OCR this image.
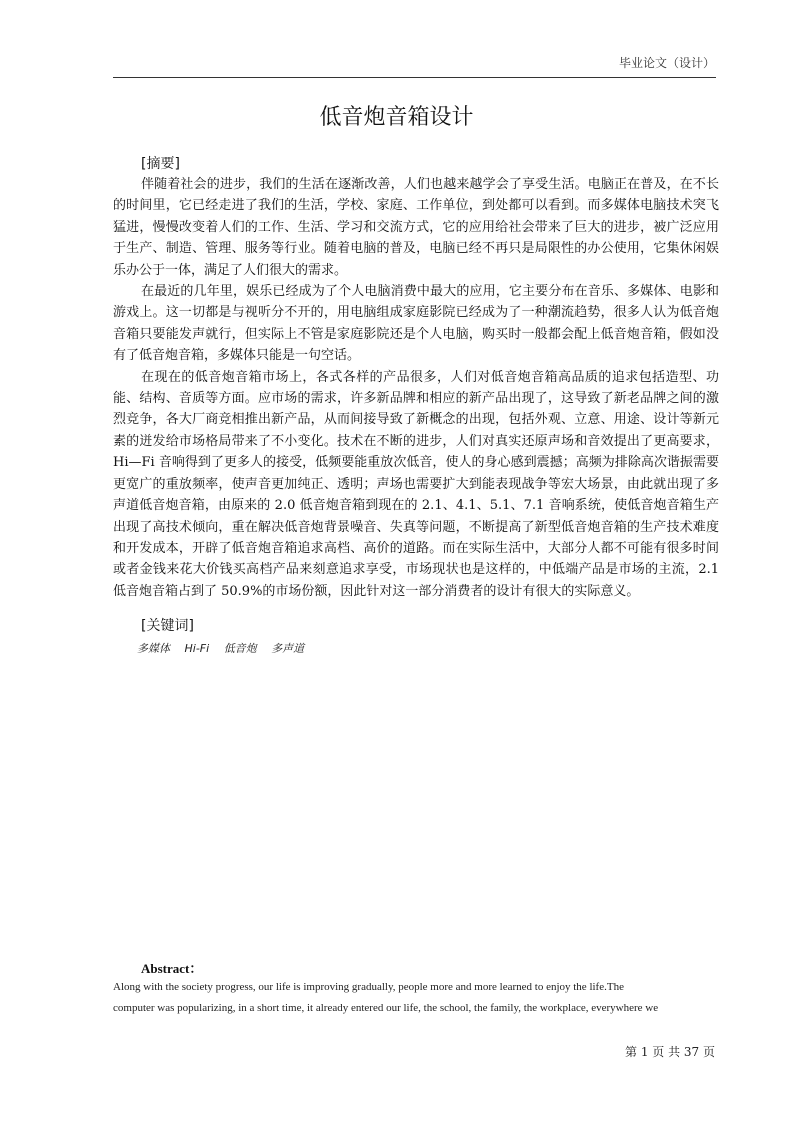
毕业论文（设计）
低音炮音箱设计
[摘要]

伴随着社会的进步，我们的生活在逐渐改善，人们也越来越学会了享受生活。电脑正在普及，在不长的时间里，它已经走进了我们的生活，学校、家庭、工作单位，到处都可以看到。而多媒体电脑技术突飞猛进，慢慢改变着人们的工作、生活、学习和交流方式，它的应用给社会带来了巨大的进步，被广泛应用于生产、制造、管理、服务等行业。随着电脑的普及，电脑已经不再只是局限性的办公使用，它集休闲娱乐办公于一体，满足了人们很大的需求。

在最近的几年里，娱乐已经成为了个人电脑消费中最大的应用，它主要分布在音乐、多媒体、电影和游戏上。这一切都是与视听分不开的，用电脑组成家庭影院已经成为了一种潮流趋势，很多人认为低音炮音箱只要能发声就行，但实际上不管是家庭影院还是个人电脑，购买时一般都会配上低音炮音箱，假如没有了低音炮音箱，多媒体只能是一句空话。

在现在的低音炮音箱市场上，各式各样的产品很多，人们对低音炮音箱高品质的追求包括造型、功能、结构、音质等方面。应市场的需求，许多新品牌和相应的新产品出现了，这导致了新老品牌之间的激烈竞争，各大厂商竞相推出新产品，从而间接导致了新概念的出现，包括外观、立意、用途、设计等新元素的迸发给市场格局带来了不小变化。技术在不断的进步，人们对真实还原声场和音效提出了更高要求，Hi—Fi 音响得到了更多人的接受，低频要能重放次低音，使人的身心感到震撼；高频为排除高次谐振需要更宽广的重放频率，使声音更加纯正、透明；声场也需要扩大到能表现战争等宏大场景，由此就出现了多声道低音炮音箱，由原来的 2.0 低音炮音箱到现在的 2.1、4.1、5.1、7.1 音响系统，使低音炮音箱生产出现了高技术倾向，重在解决低音炮背景噪音、失真等问题，不断提高了新型低音炮音箱的生产技术难度和开发成本，开辟了低音炮音箱追求高档、高价的道路。而在实际生活中，大部分人都不可能有很多时间或者金钱来花大价钱买高档产品来刻意追求享受，市场现状也是这样的，中低端产品是市场的主流，2.1 低音炮音箱占到了 50.9%的市场份额，因此针对这一部分消费者的设计有很大的实际意义。

[关键词]
多媒体 Hi-Fi 低音炮 多声道
Abstract：

Along with the society progress, our life is improving gradually, people more and more learned to enjoy the life.The

computer was popularizing, in a short time, it already entered our life, the school, the family, the workplace, everywhere we

第 1 页 共 37 页
